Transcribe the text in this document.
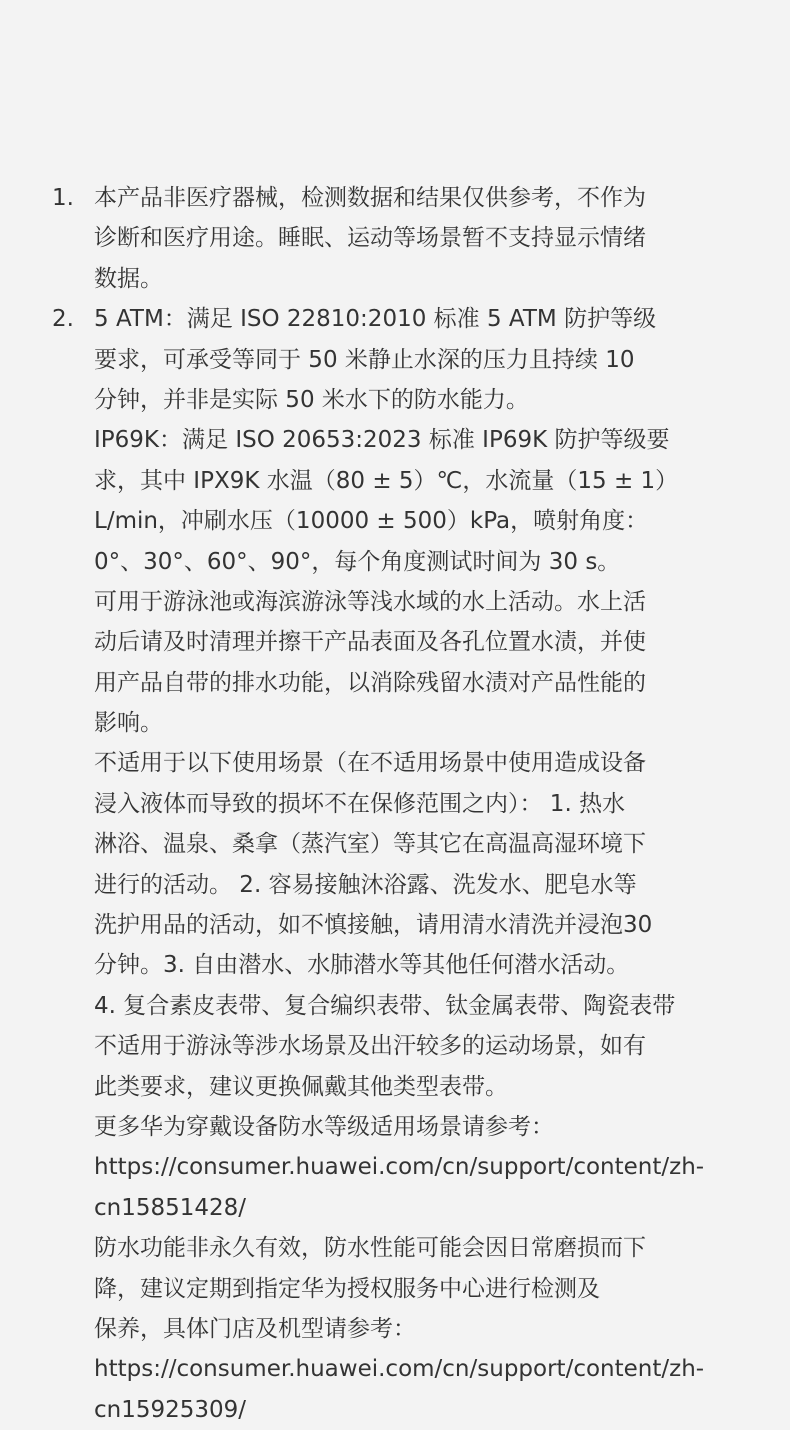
1. 本产品非医疗器械，检测数据和结果仅供参考，不作为
诊断和医疗用途。睡眠、运动等场景暂不支持显示情绪
数据。
2. 5 ATM：满足 ISO 22810:2010 标准 5 ATM 防护等级
要求，可承受等同于 50 米静止水深的压力且持续 10
分钟，并非是实际 50 米水下的防水能力。
IP69K：满足 ISO 20653:2023 标准 IP69K 防护等级要
求，其中 IPX9K 水温（80 ± 5）℃，水流量（15 ± 1）
L/min，冲刷水压（10000 ± 500）kPa，喷射角度：
0°、30°、60°、90°，每个角度测试时间为 30 s。
可用于游泳池或海滨游泳等浅水域的水上活动。水上活
动后请及时清理并擦干产品表面及各孔位置水渍，并使
用产品自带的排水功能，以消除残留水渍对产品性能的
影响。
不适用于以下使用场景（在不适用场景中使用造成设备
浸入液体而导致的损坏不在保修范围之内）： 1. 热水
淋浴、温泉、桑拿（蒸汽室）等其它在高温高湿环境下
进行的活动。 2. 容易接触沐浴露、洗发水、肥皂水等
洗护用品的活动，如不慎接触，请用清水清洗并浸泡30
分钟。3. 自由潜水、水肺潜水等其他任何潜水活动。
4. 复合素皮表带、复合编织表带、钛金属表带、陶瓷表带
不适用于游泳等涉水场景及出汗较多的运动场景，如有
此类要求，建议更换佩戴其他类型表带。
更多华为穿戴设备防水等级适用场景请参考：
https://consumer.huawei.com/cn/support/content/zh-
cn15851428/
防水功能非永久有效，防水性能可能会因日常磨损而下
降，建议定期到指定华为授权服务中心进行检测及
保养，具体门店及机型请参考：
https://consumer.huawei.com/cn/support/content/zh-
cn15925309/
